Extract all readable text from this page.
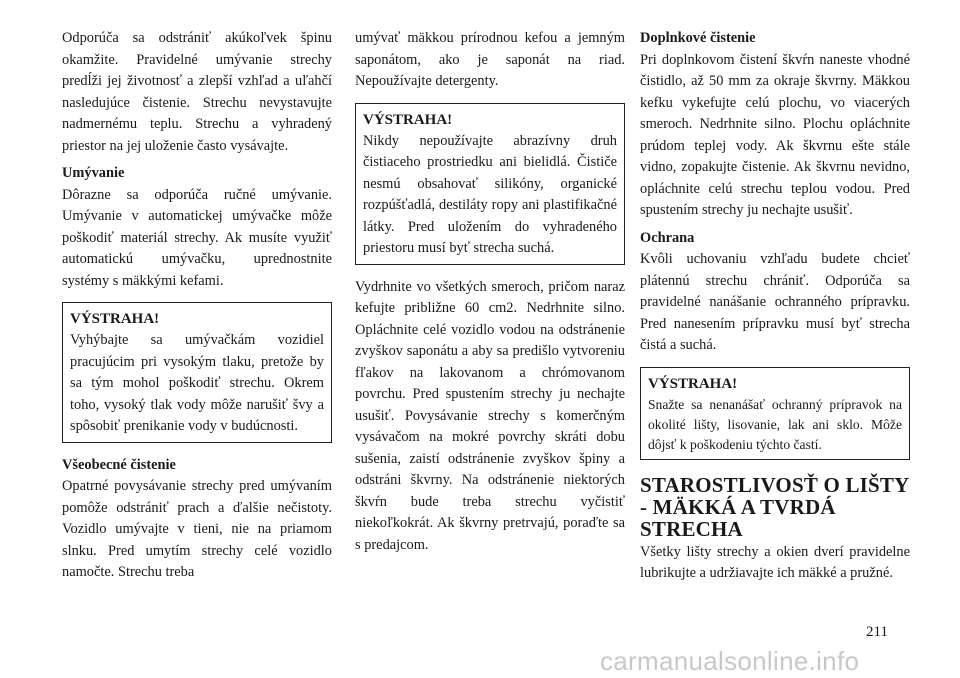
Odporúča sa odstrániť akúkoľvek špinu okamžite. Pravidelné umývanie strechy predĺži jej životnosť a zlepší vzhľad a uľahčí nasledujúce čistenie. Strechu nevystavujte nadmernému teplu. Strechu a vyhradený priestor na jej uloženie často vysávajte.

Umývanie

Dôrazne sa odporúča ručné umývanie. Umývanie v automatickej umývačke môže poškodiť materiál strechy. Ak musíte využiť automatickú umývačku, uprednostnite systémy s mäkkými kefami.

VÝSTRAHA!

Vyhýbajte sa umývačkám vozidiel pracujúcim pri vysokým tlaku, pretože by sa tým mohol poškodiť strechu. Okrem toho, vysoký tlak vody môže narušiť švy a spôsobiť prenikanie vody v budúcnosti.

Všeobecné čistenie

Opatrné povysávanie strechy pred umývaním pomôže odstrániť prach a ďalšie nečistoty. Vozidlo umývajte v tieni, nie na priamom slnku. Pred umytím strechy celé vozidlo namočte. Strechu treba

umývať mäkkou prírodnou kefou a jemným saponátom, ako je saponát na riad. Nepoužívajte detergenty.

VÝSTRAHA!

Nikdy nepoužívajte abrazívny druh čistiaceho prostriedku ani bielidlá. Čističe nesmú obsahovať silikóny, organické rozpúšťadlá, destiláty ropy ani plastifikačné látky. Pred uložením do vyhradeného priestoru musí byť strecha suchá.

Vydrhnite vo všetkých smeroch, pričom naraz kefujte približne 60 cm2. Nedrhnite silno. Opláchnite celé vozidlo vodou na odstránenie zvyškov saponátu a aby sa predišlo vytvoreniu fľakov na lakovanom a chrómovanom povrchu. Pred spustením strechy ju nechajte usušiť. Povysávanie strechy s komerčným vysávačom na mokré povrchy skráti dobu sušenia, zaistí odstránenie zvyškov špiny a odstráni škvrny. Na odstránenie niektorých škvŕn bude treba strechu vyčistiť niekoľkokrát. Ak škvrny pretrvajú, poraďte sa s predajcom.

Doplnkové čistenie

Pri doplnkovom čistení škvŕn naneste vhodné čistidlo, až 50 mm za okraje škvrny. Mäkkou kefku vykefujte celú plochu, vo viacerých smeroch. Nedrhnite silno. Plochu opláchnite prúdom teplej vody. Ak škvrnu ešte stále vidno, zopakujte čistenie. Ak škvrnu nevidno, opláchnite celú strechu teplou vodou. Pred spustením strechy ju nechajte usušiť.

Ochrana

Kvôli uchovaniu vzhľadu budete chcieť plátennú strechu chrániť. Odporúča sa pravidelné nanášanie ochranného prípravku. Pred nanesením prípravku musí byť strecha čistá a suchá.

VÝSTRAHA!

Snažte sa nenanášať ochranný prípravok na okolité lišty, lisovanie, lak ani sklo. Môže dôjsť k poškodeniu týchto častí.

STAROSTLIVOSŤ O LIŠTY - MÄKKÁ A TVRDÁ STRECHA

Všetky lišty strechy a okien dverí pravidelne lubrikujte a udržiavajte ich mäkké a pružné.

211
carmanualsonline.info
